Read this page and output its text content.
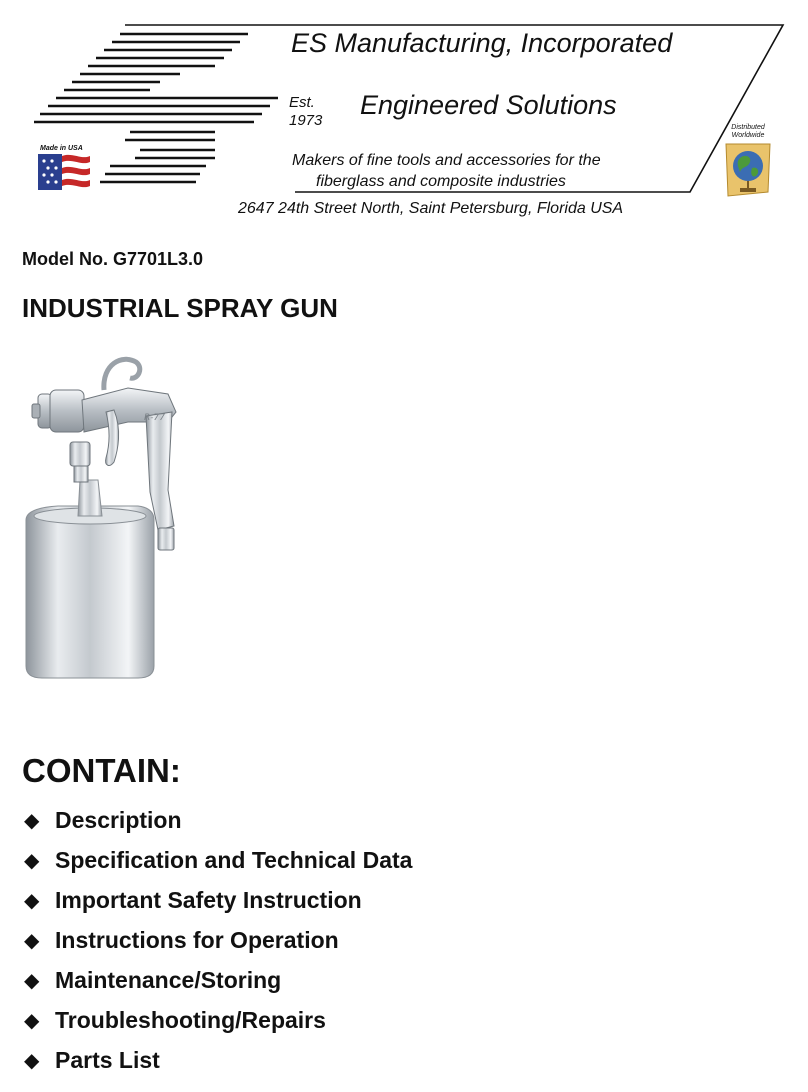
ES Manufacturing, Incorporated
Est.
1973
Engineered Solutions
Makers of fine tools and accessories for the
fiberglass and composite industries
2647 24th Street North, Saint Petersburg, Florida USA
Made in USA
Distributed
Worldwide
Model No. G7701L3.0
INDUSTRIAL SPRAY GUN
R-77
CONTAIN:
◆ Description
◆ Specification and Technical Data
◆ Important Safety Instruction
◆ Instructions for Operation
◆ Maintenance/Storing
◆ Troubleshooting/Repairs
◆ Parts List
